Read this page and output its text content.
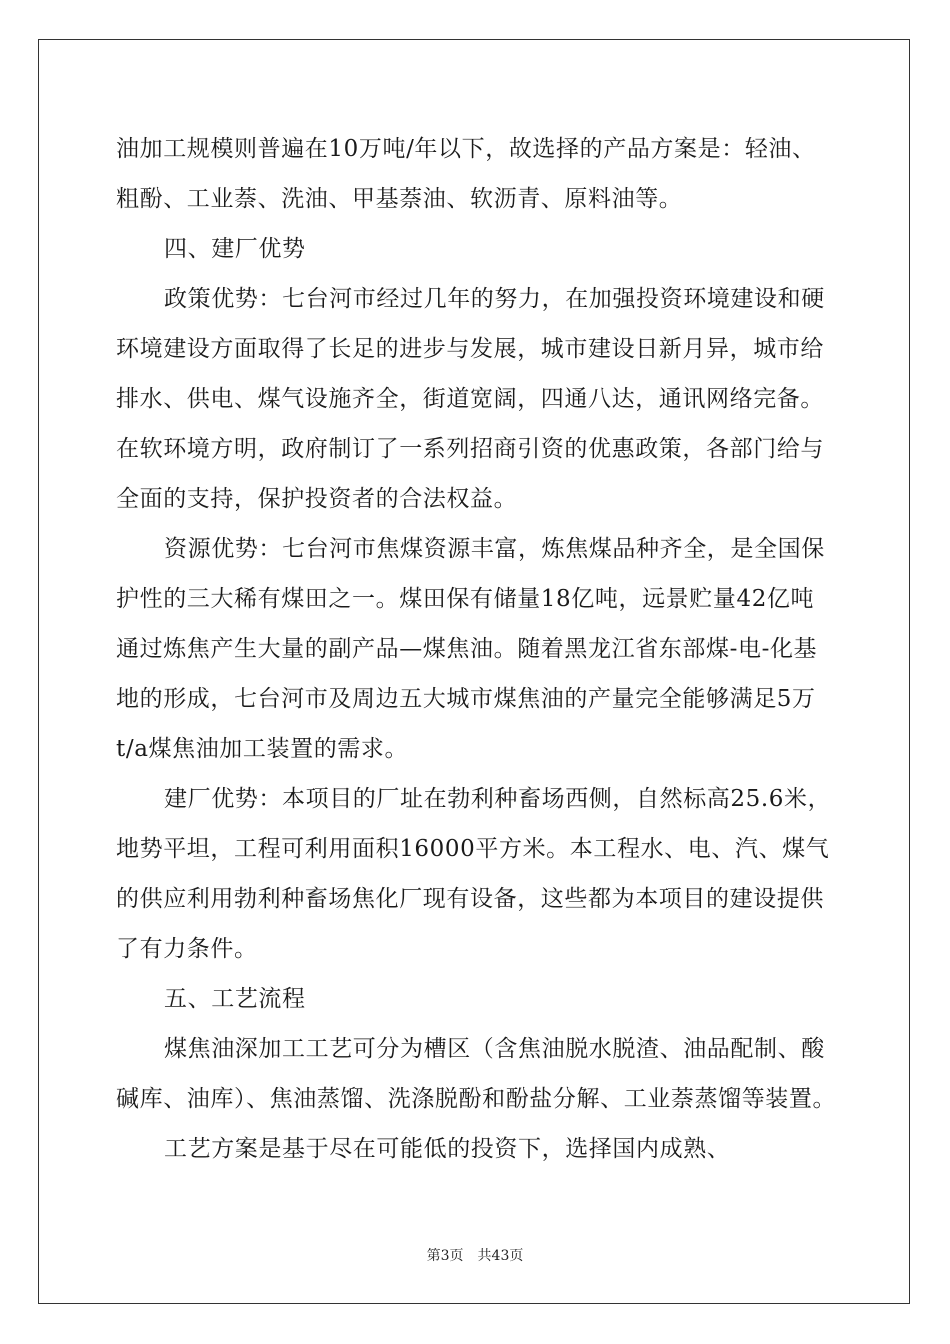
油加工规模则普遍在10万吨/年以下，故选择的产品方案是：轻油、
粗酚、工业萘、洗油、甲基萘油、软沥青、原料油等。
四、建厂优势
政策优势：七台河市经过几年的努力，在加强投资环境建设和硬
环境建设方面取得了长足的进步与发展，城市建设日新月异，城市给
排水、供电、煤气设施齐全，街道宽阔，四通八达，通讯网络完备。
在软环境方明，政府制订了一系列招商引资的优惠政策，各部门给与
全面的支持，保护投资者的合法权益。
资源优势：七台河市焦煤资源丰富，炼焦煤品种齐全，是全国保
护性的三大稀有煤田之一。煤田保有储量18亿吨，远景贮量42亿吨
通过炼焦产生大量的副产品—煤焦油。随着黑龙江省东部煤-电-化基
地的形成，七台河市及周边五大城市煤焦油的产量完全能够满足5万
t/a煤焦油加工装置的需求。
建厂优势：本项目的厂址在勃利种畜场西侧，自然标高25.6米，
地势平坦，工程可利用面积16000平方米。本工程水、电、汽、煤气
的供应利用勃利种畜场焦化厂现有设备，这些都为本项目的建设提供
了有力条件。
五、工艺流程
煤焦油深加工工艺可分为槽区（含焦油脱水脱渣、油品配制、酸
碱库、油库）、焦油蒸馏、洗涤脱酚和酚盐分解、工业萘蒸馏等装置。
工艺方案是基于尽在可能低的投资下，选择国内成熟、
第3页 共43页
